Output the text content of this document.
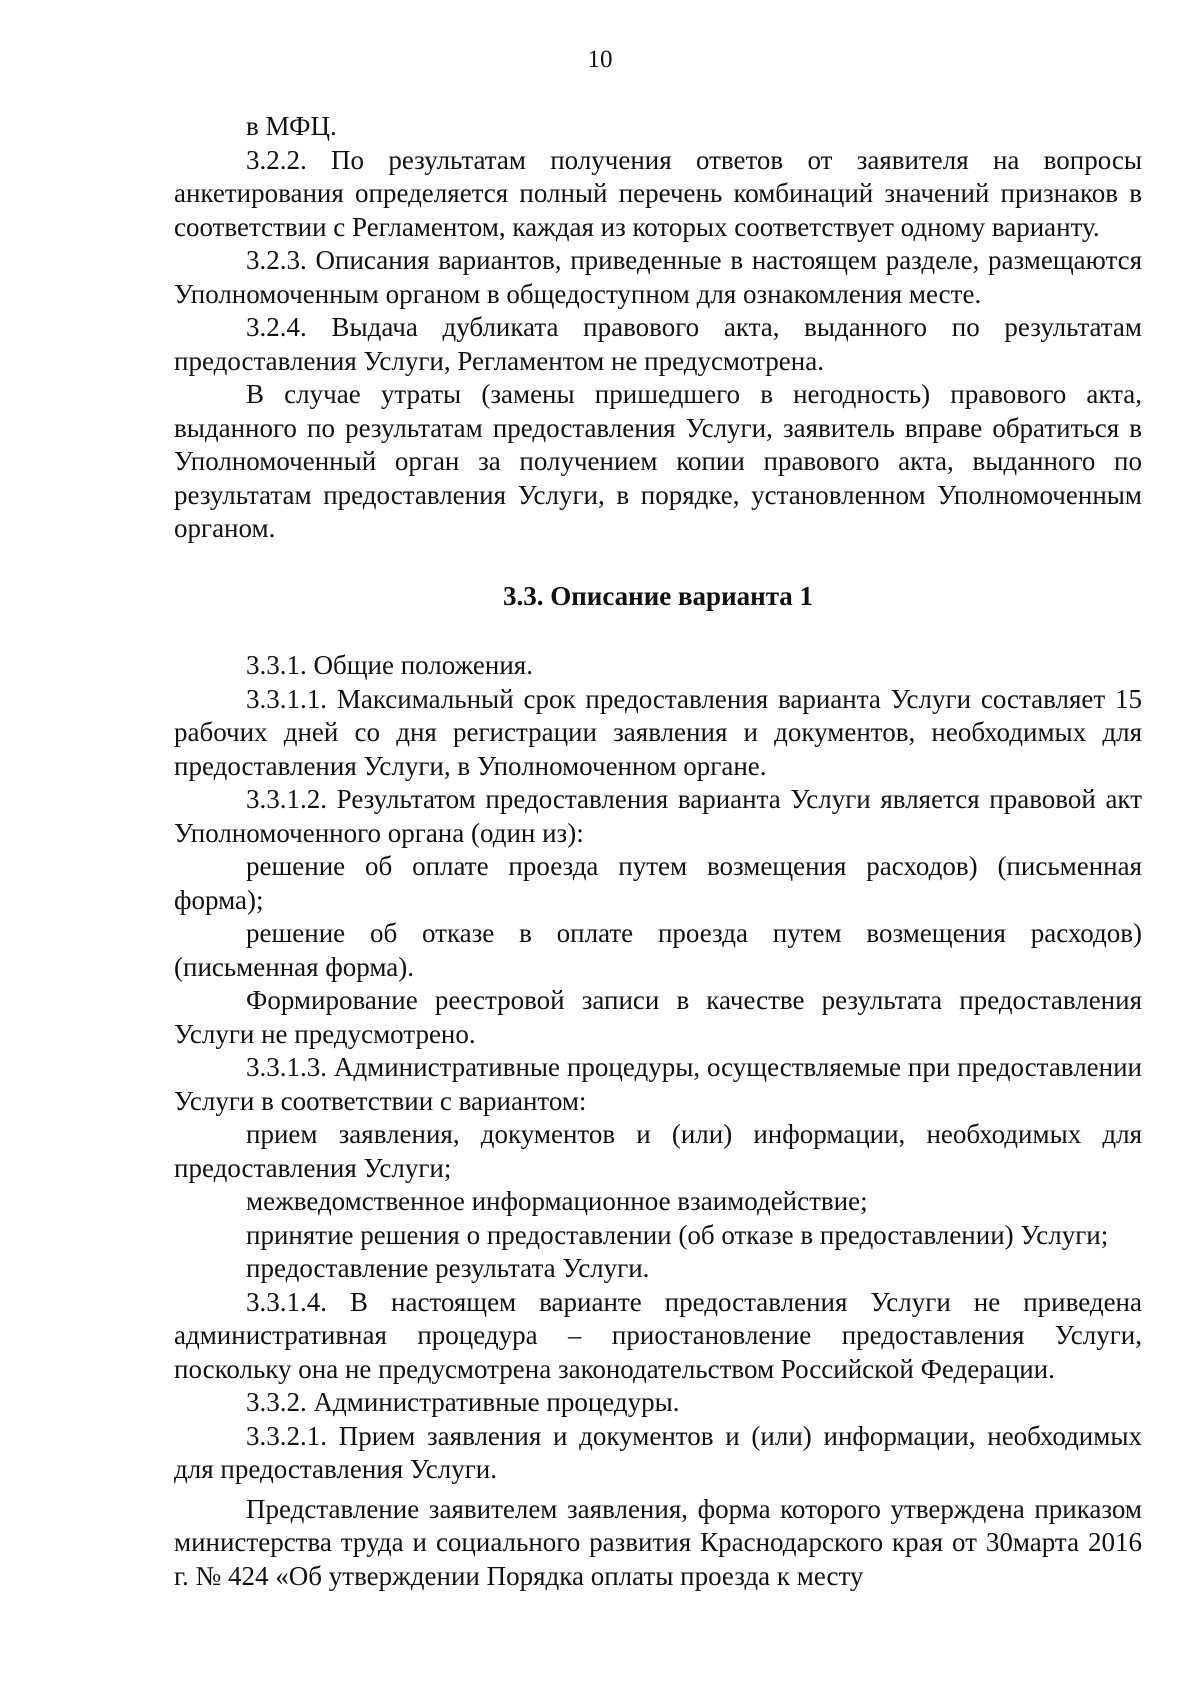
10

в МФЦ.

3.2.2. По результатам получения ответов от заявителя на вопросы анкетирования определяется полный перечень комбинаций значений признаков в соответствии с Регламентом, каждая из которых соответствует одному варианту.

3.2.3. Описания вариантов, приведенные в настоящем разделе, размещаются Уполномоченным органом в общедоступном для ознакомления месте.

3.2.4. Выдача дубликата правового акта, выданного по результатам предоставления Услуги, Регламентом не предусмотрена.

В случае утраты (замены пришедшего в негодность) правового акта, выданного по результатам предоставления Услуги, заявитель вправе обратиться в Уполномоченный орган за получением копии правового акта, выданного по результатам предоставления Услуги, в порядке, установленном Уполномоченным органом.

3.3. Описание варианта 1

3.3.1. Общие положения.

3.3.1.1. Максимальный срок предоставления варианта Услуги составляет 15 рабочих дней со дня регистрации заявления и документов, необходимых для предоставления Услуги, в Уполномоченном органе.

3.3.1.2. Результатом предоставления варианта Услуги является правовой акт Уполномоченного органа (один из):

решение об оплате проезда путем возмещения расходов) (письменная форма);

решение об отказе в оплате проезда путем возмещения расходов) (письменная форма).

Формирование реестровой записи в качестве результата предоставления Услуги не предусмотрено.

3.3.1.3. Административные процедуры, осуществляемые при предоставлении Услуги в соответствии с вариантом:

прием заявления, документов и (или) информации, необходимых для предоставления Услуги;

межведомственное информационное взаимодействие;

принятие решения о предоставлении (об отказе в предоставлении) Услуги;

предоставление результата Услуги.

3.3.1.4. В настоящем варианте предоставления Услуги не приведена административная процедура – приостановление предоставления Услуги, поскольку она не предусмотрена законодательством Российской Федерации.

3.3.2. Административные процедуры.

3.3.2.1. Прием заявления и документов и (или) информации, необходимых для предоставления Услуги.

Представление заявителем заявления, форма которого утверждена приказом министерства труда и социального развития Краснодарского края от 30марта 2016 г. № 424 «Об утверждении Порядка оплаты проезда к месту
